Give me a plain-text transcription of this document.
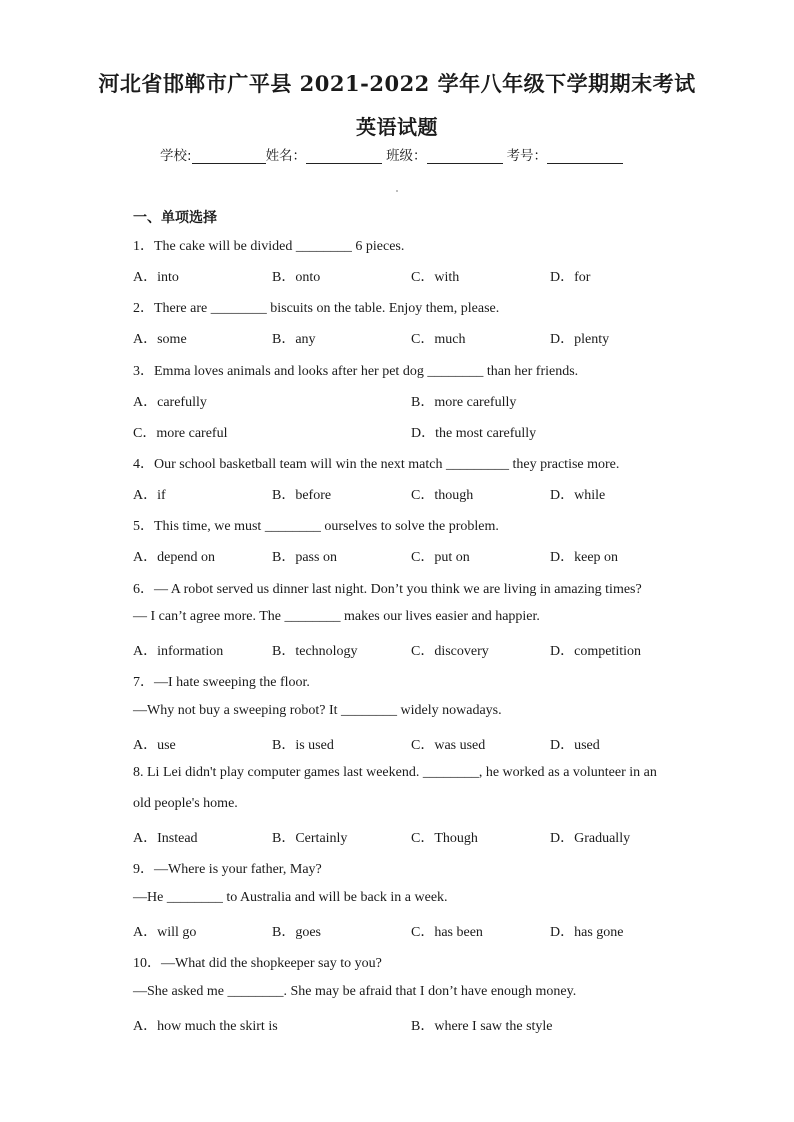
河北省邯郸市广平县 2021-2022 学年八年级下学期期末考试
英语试题
学校:	姓名：	班级：	考号：
一、单项选择
1．The cake will be divided ________ 6 pieces.
A．into	B．onto	C．with	D．for
2．There are ________ biscuits on the table. Enjoy them, please.
A．some	B．any	C．much	D．plenty
3．Emma loves animals and looks after her pet dog ________ than her friends.
A．carefully	B．more carefully
C．more careful	D．the most carefully
4．Our school basketball team will win the next match _________ they practise more.
A．if	B．before	C．though	D．while
5．This time, we must ________ ourselves to solve the problem.
A．depend on	B．pass on	C．put on	D．keep on
6．— A robot served us dinner last night. Don’t you think we are living in amazing times?
— I can’t agree more. The ________ makes our lives easier and happier.
A．information	B．technology	C．discovery	D．competition
7．—I hate sweeping the floor.
—Why not buy a sweeping robot? It ________ widely nowadays.
A．use	B．is used	C．was used	D．used
8. Li Lei didn't play computer games last weekend. ________, he worked as a volunteer in an
old people's home.
A．Instead	B．Certainly	C．Though	D．Gradually
9．—Where is your father, May?
—He ________ to Australia and will be back in a week.
A．will go	B．goes	C．has been	D．has gone
10．—What did the shopkeeper say to you?
—She asked me ________. She may be afraid that I don’t have enough money.
A．how much the skirt is	B．where I saw the style
